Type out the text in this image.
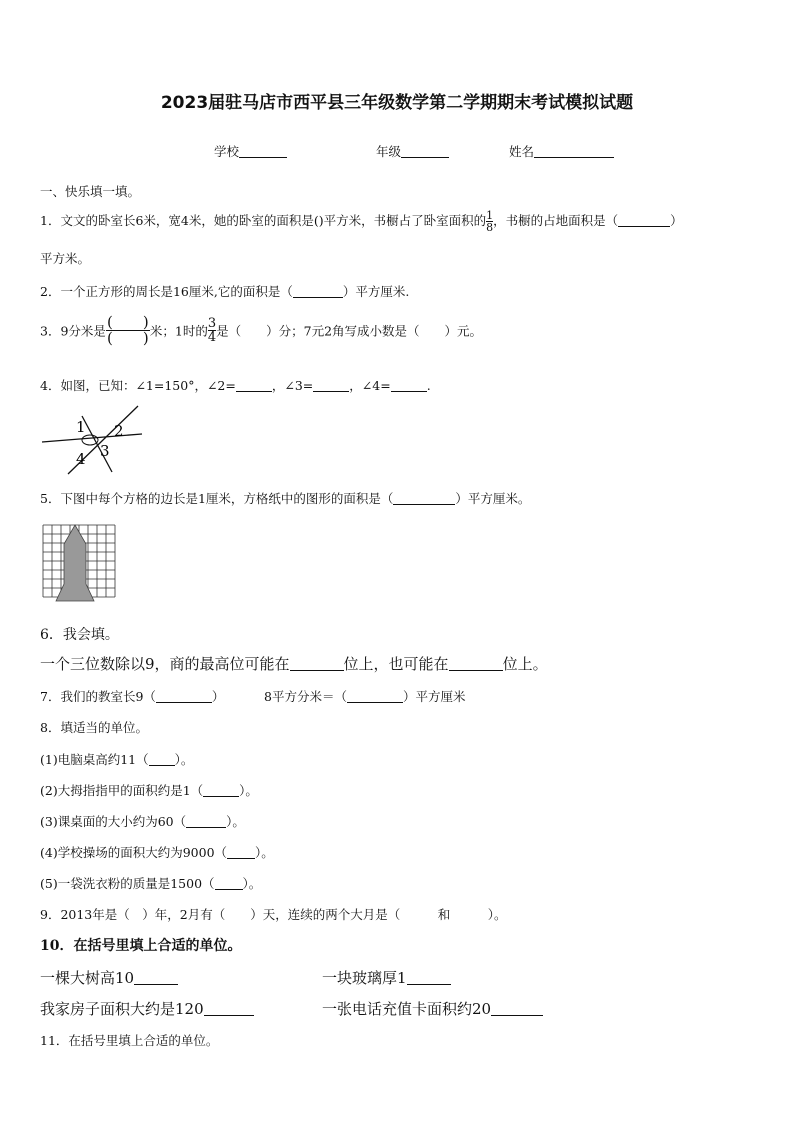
2023届驻马店市西平县三年级数学第二学期期末考试模拟试题
学校	年级	姓名
一、快乐填一填。
1．文文的卧室长6米，宽4米，她的卧室的面积是()平方米，书橱占了卧室面积的 $\frac{1}{8}$ ，书橱的占地面积是（	）
平方米。
2．一个正方形的周长是16厘米,它的面积是（	）平方厘米.
3．9分米是 $\frac{( )}{( )}$ 米；1时的 $\frac{3}{4}$ 是（　　）分；7元2角写成小数是（　　）元。
4．如图，已知：∠1=150°，∠2=	，∠3=	，∠4=	.
1 2
3
4
5．下图中每个方格的边长是1厘米，方格纸中的图形的面积是（	）平方厘米。
6．我会填。
一个三位数除以9，商的最高位可能在	位上，也可能在	位上。
7．我们的教室长9（	）	8平方分米＝（	）平方厘米
8．填适当的单位。
(1)电脑桌高约11（ ）。
(2)大拇指指甲的面积约是1（	）。
(3)课桌面的大小约为60（	）。
(4)学校操场的面积大约为9000（ ）。
(5)一袋洗衣粉的质量是1500（ ）。
9．2013年是（　）年，2月有（　　）天，连续的两个大月是（　　　和　　　）。
10．在括号里填上合适的单位。
一棵大树高10	一块玻璃厚1
我家房子面积大约是120	一张电话充值卡面积约20
11．在括号里填上合适的单位。
